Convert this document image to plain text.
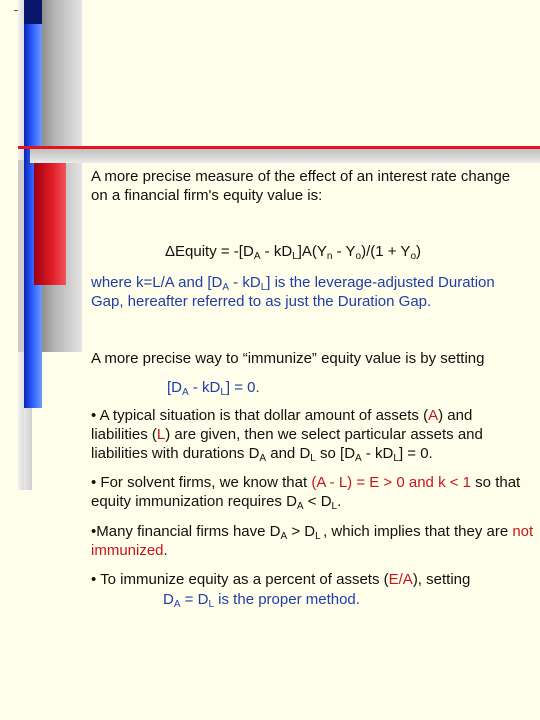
A more precise measure of the effect of an interest rate change on a financial firm's equity value is:

ΔEquity = $-[D_A - kD_L]A(Y_n - Y_o)/(1 + Y_o)$

where k=L/A and $[D_A - kD_L]$ is the leverage-adjusted Duration Gap, hereafter referred to as just the Duration Gap.

A more precise way to “immunize” equity value is by setting

$[D_A - kD_L] = 0$.

• A typical situation is that dollar amount of assets (A) and liabilities (L) are given, then we select particular assets and liabilities with durations $D_A$ and $D_L$ so $[D_A - kD_L] = 0$.

• For solvent firms, we know that (A - L) = E > 0 and k < 1 so that equity immunization requires $D_A < D_L$.

•Many financial firms have $D_A > D_L$ , which implies that they are not immunized.

• To immunize equity as a percent of assets (E/A), setting

$D_A = D_L$ is the proper method.
